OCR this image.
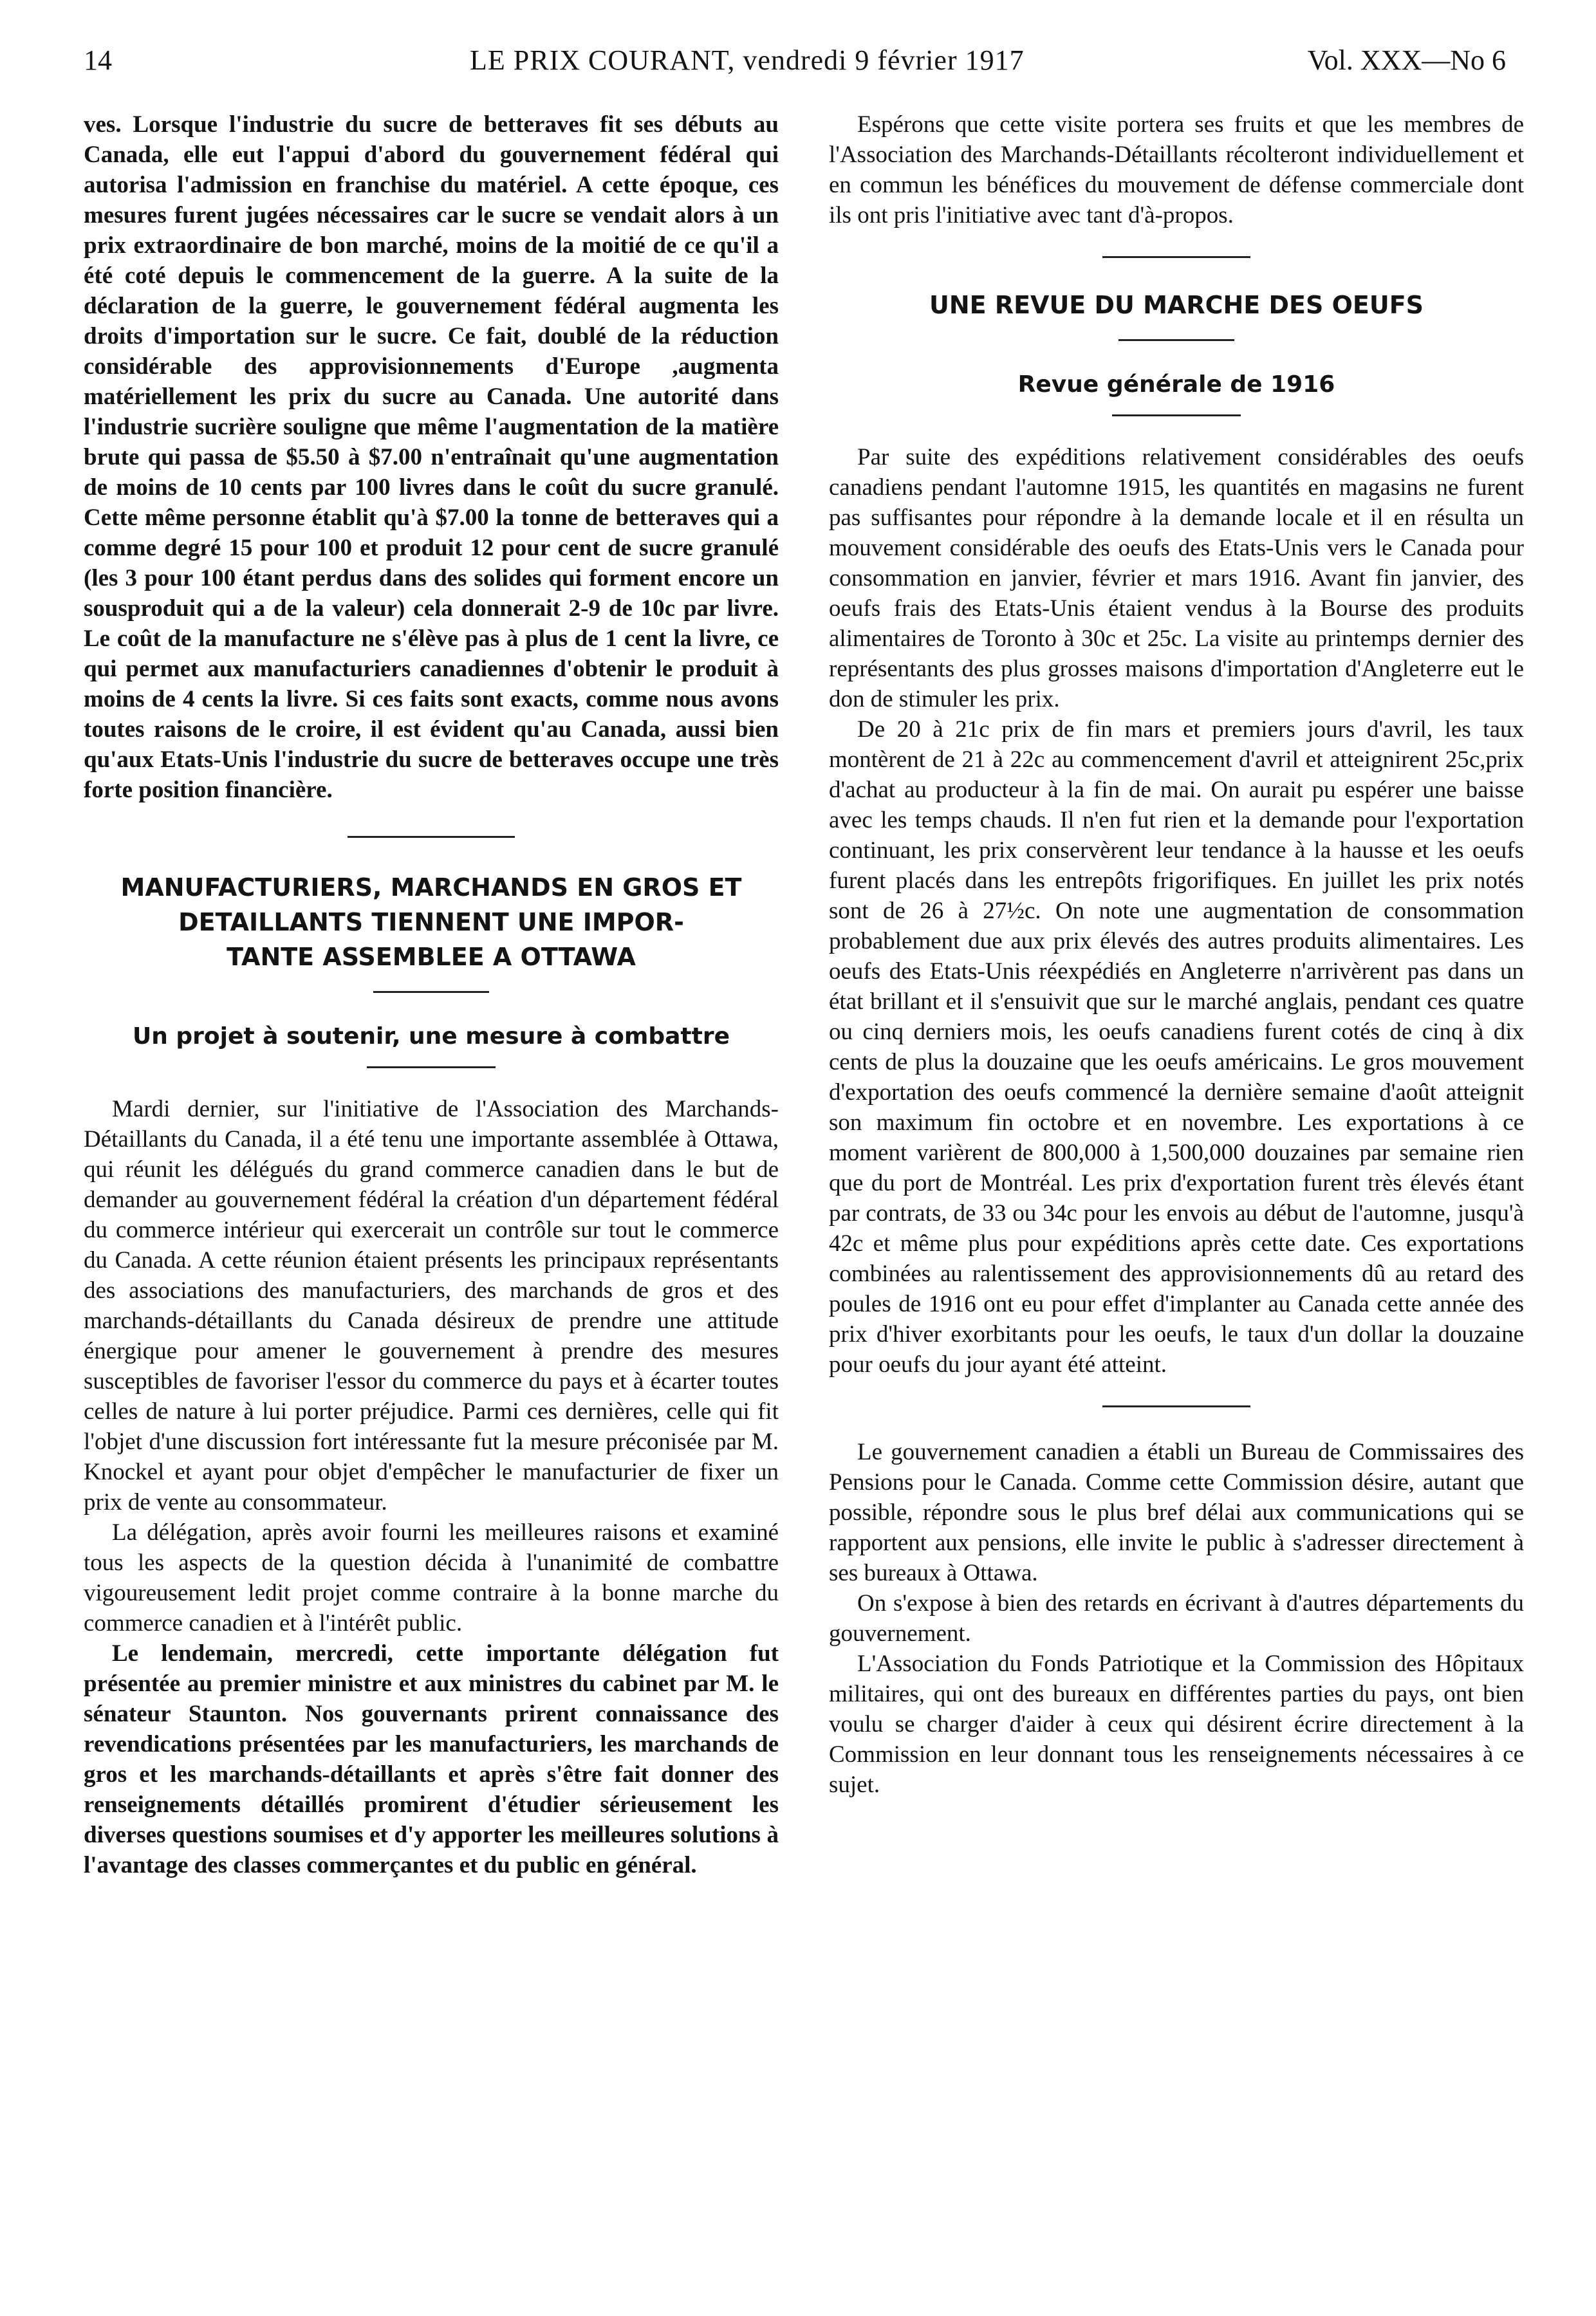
14	LE PRIX COURANT, vendredi 9 février 1917	Vol. XXX—No 6

ves. Lorsque l'industrie du sucre de betteraves fit ses débuts au Canada, elle eut l'appui d'abord du gouvernement fédéral qui autorisa l'admission en franchise du matériel. A cette époque, ces mesures furent jugées nécessaires car le sucre se vendait alors à un prix extraordinaire de bon marché, moins de la moitié de ce qu'il a été coté depuis le commencement de la guerre. A la suite de la déclaration de la guerre, le gouvernement fédéral augmenta les droits d'importation sur le sucre. Ce fait, doublé de la réduction considérable des approvisionnements d'Europe ,augmenta matériellement les prix du sucre au Canada. Une autorité dans l'industrie sucrière souligne que même l'augmentation de la matière brute qui passa de $5.50 à $7.00 n'entraînait qu'une augmentation de moins de 10 cents par 100 livres dans le coût du sucre granulé. Cette même personne établit qu'à $7.00 la tonne de betteraves qui a comme degré 15 pour 100 et produit 12 pour cent de sucre granulé (les 3 pour 100 étant perdus dans des solides qui forment encore un sousproduit qui a de la valeur) cela donnerait 2-9 de 10c par livre. Le coût de la manufacture ne s'élève pas à plus de 1 cent la livre, ce qui permet aux manufacturiers canadiennes d'obtenir le produit à moins de 4 cents la livre. Si ces faits sont exacts, comme nous avons toutes raisons de le croire, il est évident qu'au Canada, aussi bien qu'aux Etats-Unis l'industrie du sucre de betteraves occupe une très forte position financière.

MANUFACTURIERS, MARCHANDS EN GROS ET
DETAILLANTS TIENNENT UNE IMPOR-
TANTE ASSEMBLEE A OTTAWA
Un projet à soutenir, une mesure à combattre

Mardi dernier, sur l'initiative de l'Association des Marchands-Détaillants du Canada, il a été tenu une importante assemblée à Ottawa, qui réunit les délégués du grand commerce canadien dans le but de demander au gouvernement fédéral la création d'un département fédéral du commerce intérieur qui exercerait un contrôle sur tout le commerce du Canada. A cette réunion étaient présents les principaux représentants des associations des manufacturiers, des marchands de gros et des marchands-détaillants du Canada désireux de prendre une attitude énergique pour amener le gouvernement à prendre des mesures susceptibles de favoriser l'essor du commerce du pays et à écarter toutes celles de nature à lui porter préjudice. Parmi ces dernières, celle qui fit l'objet d'une discussion fort intéressante fut la mesure préconisée par M. Knockel et ayant pour objet d'empêcher le manufacturier de fixer un prix de vente au consommateur.

La délégation, après avoir fourni les meilleures raisons et examiné tous les aspects de la question décida à l'unanimité de combattre vigoureusement ledit projet comme contraire à la bonne marche du commerce canadien et à l'intérêt public.

Le lendemain, mercredi, cette importante délégation fut présentée au premier ministre et aux ministres du cabinet par M. le sénateur Staunton. Nos gouvernants prirent connaissance des revendications présentées par les manufacturiers, les marchands de gros et les marchands-détaillants et après s'être fait donner des renseignements détaillés promirent d'étudier sérieusement les diverses questions soumises et d'y apporter les meilleures solutions à l'avantage des classes commerçantes et du public en général.

Espérons que cette visite portera ses fruits et que les membres de l'Association des Marchands-Détaillants récolteront individuellement et en commun les bénéfices du mouvement de défense commerciale dont ils ont pris l'initiative avec tant d'à-propos.

UNE REVUE DU MARCHE DES OEUFS
Revue générale de 1916

Par suite des expéditions relativement considérables des oeufs canadiens pendant l'automne 1915, les quantités en magasins ne furent pas suffisantes pour répondre à la demande locale et il en résulta un mouvement considérable des oeufs des Etats-Unis vers le Canada pour consommation en janvier, février et mars 1916. Avant fin janvier, des oeufs frais des Etats-Unis étaient vendus à la Bourse des produits alimentaires de Toronto à 30c et 25c. La visite au printemps dernier des représentants des plus grosses maisons d'importation d'Angleterre eut le don de stimuler les prix.

De 20 à 21c prix de fin mars et premiers jours d'avril, les taux montèrent de 21 à 22c au commencement d'avril et atteignirent 25c,prix d'achat au producteur à la fin de mai. On aurait pu espérer une baisse avec les temps chauds. Il n'en fut rien et la demande pour l'exportation continuant, les prix conservèrent leur tendance à la hausse et les oeufs furent placés dans les entrepôts frigorifiques. En juillet les prix notés sont de 26 à 27½c. On note une augmentation de consommation probablement due aux prix élevés des autres produits alimentaires. Les oeufs des Etats-Unis réexpédiés en Angleterre n'arrivèrent pas dans un état brillant et il s'ensuivit que sur le marché anglais, pendant ces quatre ou cinq derniers mois, les oeufs canadiens furent cotés de cinq à dix cents de plus la douzaine que les oeufs américains. Le gros mouvement d'exportation des oeufs commencé la dernière semaine d'août atteignit son maximum fin octobre et en novembre. Les exportations à ce moment varièrent de 800,000 à 1,500,000 douzaines par semaine rien que du port de Montréal. Les prix d'exportation furent très élevés étant par contrats, de 33 ou 34c pour les envois au début de l'automne, jusqu'à 42c et même plus pour expéditions après cette date. Ces exportations combinées au ralentissement des approvisionnements dû au retard des poules de 1916 ont eu pour effet d'implanter au Canada cette année des prix d'hiver exorbitants pour les oeufs, le taux d'un dollar la douzaine pour oeufs du jour ayant été atteint.

Le gouvernement canadien a établi un Bureau de Commissaires des Pensions pour le Canada. Comme cette Commission désire, autant que possible, répondre sous le plus bref délai aux communications qui se rapportent aux pensions, elle invite le public à s'adresser directement à ses bureaux à Ottawa.

On s'expose à bien des retards en écrivant à d'autres départements du gouvernement.

L'Association du Fonds Patriotique et la Commission des Hôpitaux militaires, qui ont des bureaux en différentes parties du pays, ont bien voulu se charger d'aider à ceux qui désirent écrire directement à la Commission en leur donnant tous les renseignements nécessaires à ce sujet.
